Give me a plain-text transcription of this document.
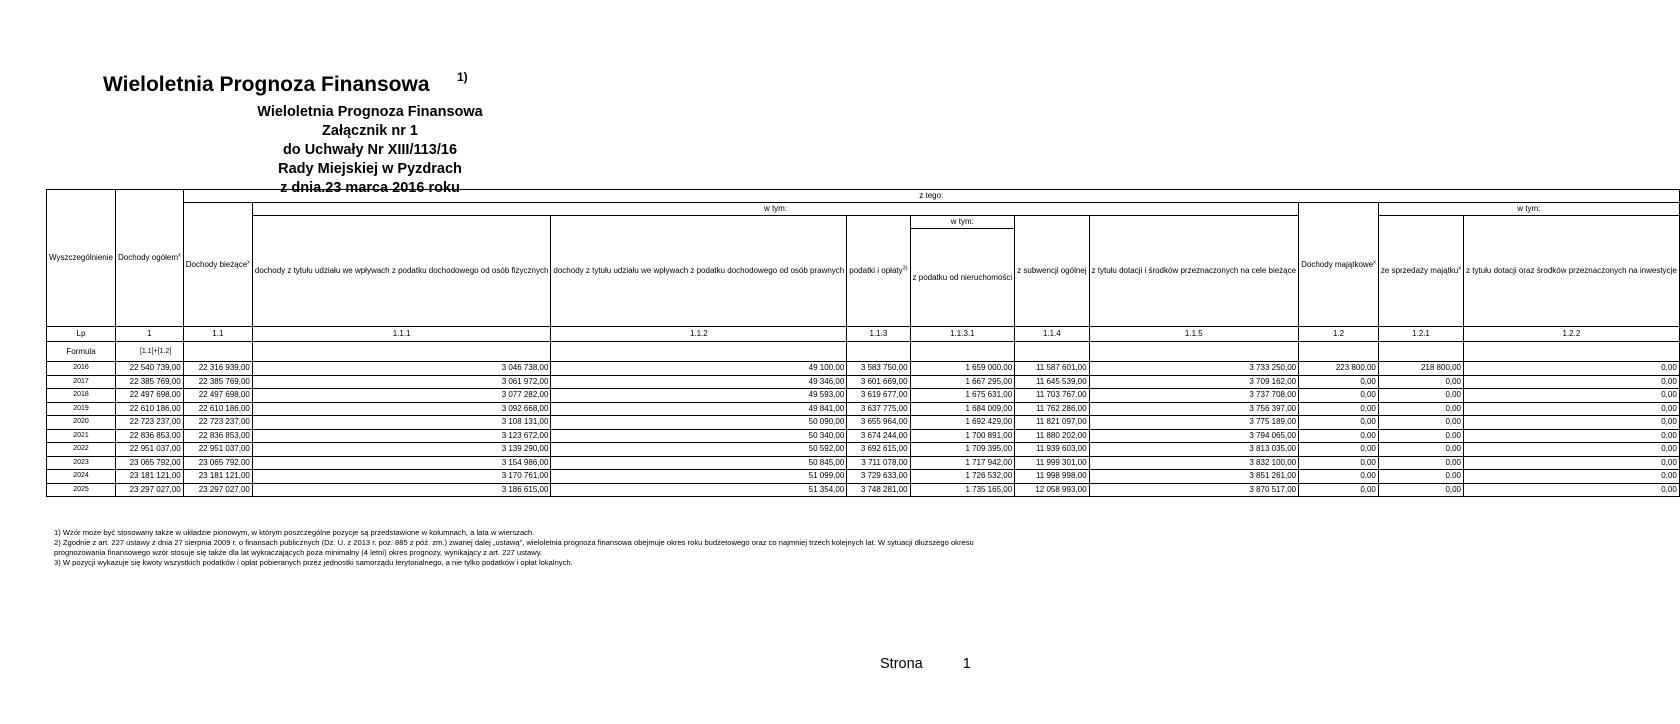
Wieloletnia Prognoza Finansowa 1)
Wieloletnia Prognoza Finansowa
Załącznik nr 1
do Uchwały Nr XIII/113/16
Rady Miejskiej w Pyzdrach
z dnia.23 marca 2016 roku
Wyszczególnienie	Dochody ogółem$^x$	z tego:									
		Dochody bieżące$^x$	w tym:						Dochody majątkowe$^x$	w tym:	
			dochody z tytułu udziału we wpływach z podatku dochodowego od osób fizycznych	dochody z tytułu udziału we wpływach z podatku dochodowego od osób prawnych	podatki i opłaty$^{3)}$	w tym:	z subwencji ogólnej	z tytułu dotacji i środków przeznaczonych na cele bieżące		ze sprzedaży majątku$^x$	z tytułu dotacji oraz środków przeznaczonych na inwestycje
						z podatku od nieruchomości					
Lp	1	1.1	1.1.1	1.1.2	1.1.3	1.1.3.1	1.1.4	1.1.5	1.2	1.2.1	1.2.2
Formula	[1.1]+[1.2]										
2016	22 540 739,00	22 316 939,00	3 046 738,00	49 100,00	3 583 750,00	1 659 000,00	11 587 601,00	3 733 250,00	223 800,00	218 800,00	0,00
2017	22 385 769,00	22 385 769,00	3 061 972,00	49 346,00	3 601 669,00	1 667 295,00	11 645 539,00	3 709 162,00	0,00	0,00	0,00
2018	22 497 698,00	22 497 698,00	3 077 282,00	49 593,00	3 619 677,00	1 675 631,00	11 703 767,00	3 737 708,00	0,00	0,00	0,00
2019	22 610 186,00	22 610 186,00	3 092 668,00	49 841,00	3 637 775,00	1 684 009,00	11 762 286,00	3 756 397,00	0,00	0,00	0,00
2020	22 723 237,00	22 723 237,00	3 108 131,00	50 090,00	3 655 964,00	1 692 429,00	11 821 097,00	3 775 189,00	0,00	0,00	0,00
2021	22 836 853,00	22 836 853,00	3 123 672,00	50 340,00	3 674 244,00	1 700 891,00	11 880 202,00	3 794 065,00	0,00	0,00	0,00
2022	22 951 037,00	22 951 037,00	3 139 290,00	50 592,00	3 692 615,00	1 709 395,00	11 939 603,00	3 813 035,00	0,00	0,00	0,00
2023	23 065 792,00	23 065 792,00	3 154 986,00	50 845,00	3 711 078,00	1 717 942,00	11 999 301,00	3 832 100,00	0,00	0,00	0,00
2024	23 181 121,00	23 181 121,00	3 170 761,00	51 099,00	3 729 633,00	1 726 532,00	11 998 998,00	3 851 261,00	0,00	0,00	0,00
2025	23 297 027,00	23 297 027,00	3 186 615,00	51 354,00	3 748 281,00	1 735 165,00	12 058 993,00	3 870 517,00	0,00	0,00	0,00
1) Wzór może być stosowany także w układzie pionowym, w którym poszczególne pozycje są przedstawione w kolumnach, a lata w wierszach.
2) Zgodnie z art. 227 ustawy z dnia 27 sierpnia 2009 r. o finansach publicznych (Dz. U. z 2013 r. poz. 885 z póź. zm.) zwanej dalej „ustawą”, wieloletnia prognoza finansowa obejmuje okres roku budżetowego oraz co najmniej trzech kolejnych lat. W sytuacji dłuższego okresu prognozowania finansowego wzór stosuje się także dla lat wykraczających poza minimalny (4 letni) okres prognozy, wynikający z art. 227 ustawy.
3) W pozycji wykazuje się kwoty wszystkich podatków i opłat pobieranych przez jednostki samorządu terytorialnego, a nie tylko podatków i opłat lokalnych.
Strona	1
